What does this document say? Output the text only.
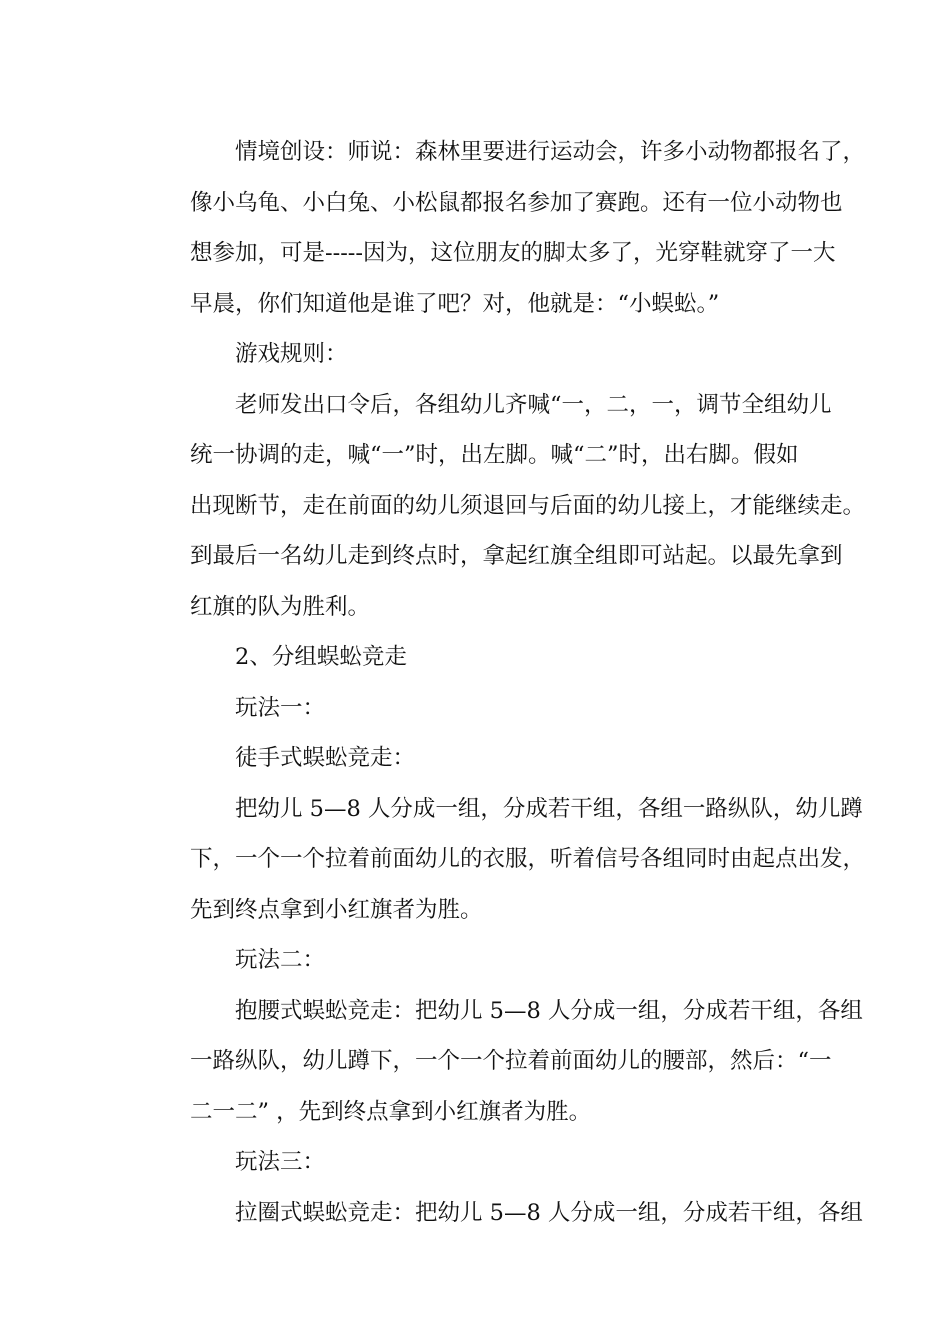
情境创设：师说：森林里要进行运动会，许多小动物都报名了，
像小乌龟、小白兔、小松鼠都报名参加了赛跑。还有一位小动物也
想参加，可是-----因为，这位朋友的脚太多了，光穿鞋就穿了一大
早晨，你们知道他是谁了吧？对，他就是：“小蜈蚣。”

游戏规则：

老师发出口令后，各组幼儿齐喊“一，二，一，调节全组幼儿
统一协调的走，喊“一”时，出左脚。喊“二”时，出右脚。假如
出现断节，走在前面的幼儿须退回与后面的幼儿接上，才能继续走。
到最后一名幼儿走到终点时，拿起红旗全组即可站起。以最先拿到
红旗的队为胜利。

2、分组蜈蚣竞走

玩法一：

徒手式蜈蚣竞走：

把幼儿 5—8 人分成一组，分成若干组，各组一路纵队，幼儿蹲
下，一个一个拉着前面幼儿的衣服，听着信号各组同时由起点出发，
先到终点拿到小红旗者为胜。

玩法二：

抱腰式蜈蚣竞走：把幼儿 5—8 人分成一组，分成若干组，各组
一路纵队，幼儿蹲下，一个一个拉着前面幼儿的腰部，然后：“一
二一二” ，先到终点拿到小红旗者为胜。

玩法三：

拉圈式蜈蚣竞走：把幼儿 5—8 人分成一组，分成若干组，各组
